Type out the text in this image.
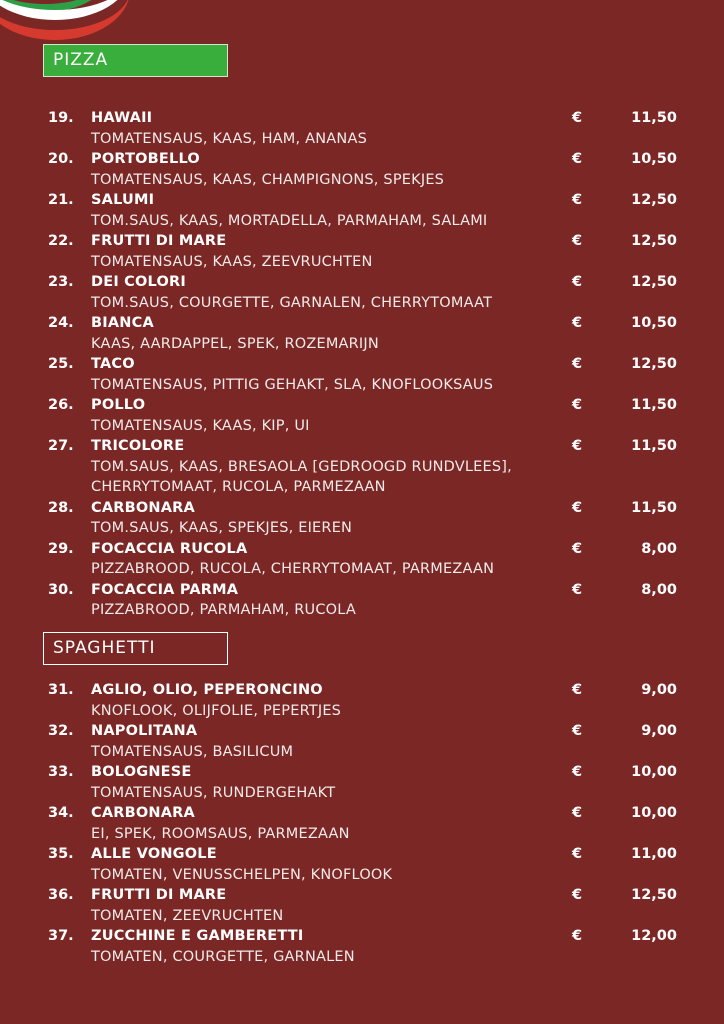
PIZZA
19.	HAWAII	€	11,50
TOMATENSAUS, KAAS, HAM, ANANAS
20.	PORTOBELLO	€	10,50
TOMATENSAUS, KAAS, CHAMPIGNONS, SPEKJES
21.	SALUMI	€	12,50
TOM.SAUS, KAAS, MORTADELLA, PARMAHAM, SALAMI
22.	FRUTTI DI MARE	€	12,50
TOMATENSAUS, KAAS, ZEEVRUCHTEN
23.	DEI COLORI	€	12,50
TOM.SAUS, COURGETTE, GARNALEN, CHERRYTOMAAT
24.	BIANCA	€	10,50
KAAS, AARDAPPEL, SPEK, ROZEMARIJN
25.	TACO	€	12,50
TOMATENSAUS, PITTIG GEHAKT, SLA, KNOFLOOKSAUS
26.	POLLO	€	11,50
TOMATENSAUS, KAAS, KIP, UI
27.	TRICOLORE	€	11,50
TOM.SAUS, KAAS, BRESAOLA [GEDROOGD RUNDVLEES],
CHERRYTOMAAT, RUCOLA, PARMEZAAN
28.	CARBONARA	€	11,50
TOM.SAUS, KAAS, SPEKJES, EIEREN
29.	FOCACCIA RUCOLA	€	8,00
PIZZABROOD, RUCOLA, CHERRYTOMAAT, PARMEZAAN
30.	FOCACCIA PARMA	€	8,00
PIZZABROOD, PARMAHAM, RUCOLA
SPAGHETTI
31.	AGLIO, OLIO, PEPERONCINO	€	9,00
KNOFLOOK, OLIJFOLIE, PEPERTJES
32.	NAPOLITANA	€	9,00
TOMATENSAUS, BASILICUM
33.	BOLOGNESE	€	10,00
TOMATENSAUS, RUNDERGEHAKT
34.	CARBONARA	€	10,00
EI, SPEK, ROOMSAUS, PARMEZAAN
35.	ALLE VONGOLE	€	11,00
TOMATEN, VENUSSCHELPEN, KNOFLOOK
36.	FRUTTI DI MARE	€	12,50
TOMATEN, ZEEVRUCHTEN
37.	ZUCCHINE E GAMBERETTI	€	12,00
TOMATEN, COURGETTE, GARNALEN
